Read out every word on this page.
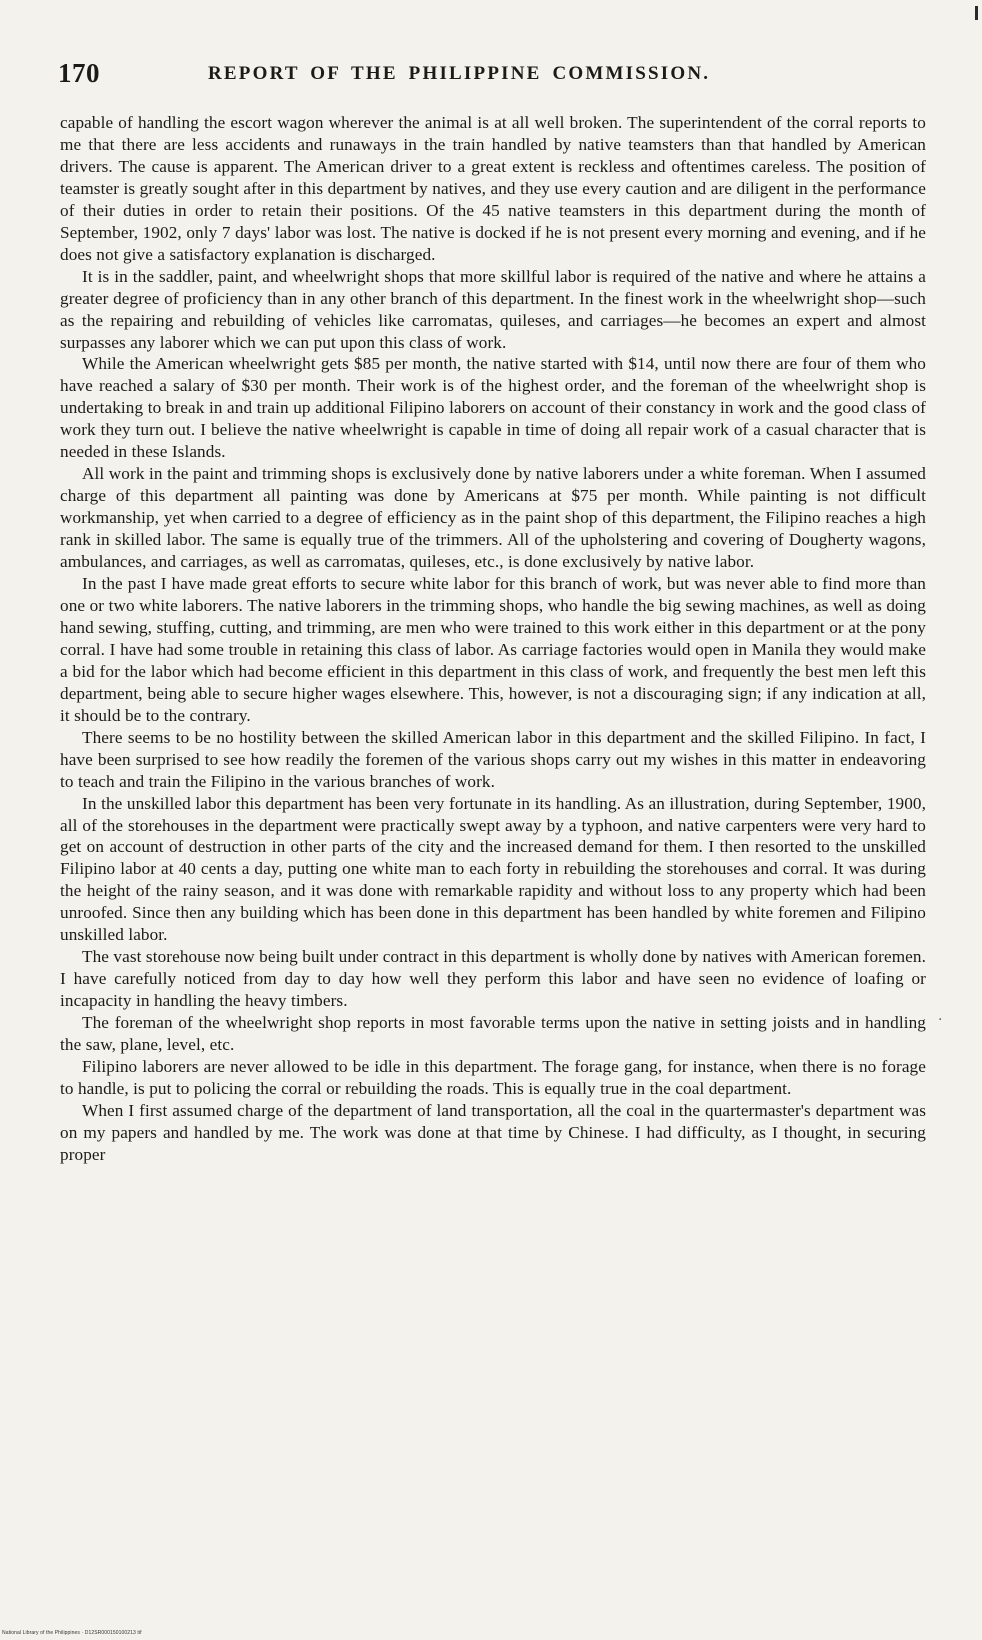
170	REPORT OF THE PHILIPPINE COMMISSION.

capable of handling the escort wagon wherever the animal is at all well broken. The superintendent of the corral reports to me that there are less accidents and runaways in the train handled by native teamsters than that handled by American drivers. The cause is apparent. The American driver to a great extent is reckless and oftentimes careless. The position of teamster is greatly sought after in this department by natives, and they use every caution and are diligent in the performance of their duties in order to retain their positions. Of the 45 native teamsters in this department during the month of September, 1902, only 7 days' labor was lost. The native is docked if he is not present every morning and evening, and if he does not give a satisfactory explanation is discharged.

It is in the saddler, paint, and wheelwright shops that more skillful labor is required of the native and where he attains a greater degree of proficiency than in any other branch of this department. In the finest work in the wheelwright shop—such as the repairing and rebuilding of vehicles like carromatas, quileses, and carriages—he becomes an expert and almost surpasses any laborer which we can put upon this class of work.

While the American wheelwright gets $85 per month, the native started with $14, until now there are four of them who have reached a salary of $30 per month. Their work is of the highest order, and the foreman of the wheelwright shop is undertaking to break in and train up additional Filipino laborers on account of their constancy in work and the good class of work they turn out. I believe the native wheelwright is capable in time of doing all repair work of a casual character that is needed in these Islands.

All work in the paint and trimming shops is exclusively done by native laborers under a white foreman. When I assumed charge of this department all painting was done by Americans at $75 per month. While painting is not difficult workmanship, yet when carried to a degree of efficiency as in the paint shop of this department, the Filipino reaches a high rank in skilled labor. The same is equally true of the trimmers. All of the upholstering and covering of Dougherty wagons, ambulances, and carriages, as well as carromatas, quileses, etc., is done exclusively by native labor.

In the past I have made great efforts to secure white labor for this branch of work, but was never able to find more than one or two white laborers. The native laborers in the trimming shops, who handle the big sewing machines, as well as doing hand sewing, stuffing, cutting, and trimming, are men who were trained to this work either in this department or at the pony corral. I have had some trouble in retaining this class of labor. As carriage factories would open in Manila they would make a bid for the labor which had become efficient in this department in this class of work, and frequently the best men left this department, being able to secure higher wages elsewhere. This, however, is not a discouraging sign; if any indication at all, it should be to the contrary.

There seems to be no hostility between the skilled American labor in this department and the skilled Filipino. In fact, I have been surprised to see how readily the foremen of the various shops carry out my wishes in this matter in endeavoring to teach and train the Filipino in the various branches of work.

In the unskilled labor this department has been very fortunate in its handling. As an illustration, during September, 1900, all of the storehouses in the department were practically swept away by a typhoon, and native carpenters were very hard to get on account of destruction in other parts of the city and the increased demand for them. I then resorted to the unskilled Filipino labor at 40 cents a day, putting one white man to each forty in rebuilding the storehouses and corral. It was during the height of the rainy season, and it was done with remarkable rapidity and without loss to any property which had been unroofed. Since then any building which has been done in this department has been handled by white foremen and Filipino unskilled labor.

The vast storehouse now being built under contract in this department is wholly done by natives with American foremen. I have carefully noticed from day to day how well they perform this labor and have seen no evidence of loafing or incapacity in handling the heavy timbers.

The foreman of the wheelwright shop reports in most favorable terms upon the native in setting joists and in handling the saw, plane, level, etc.

Filipino laborers are never allowed to be idle in this department. The forage gang, for instance, when there is no forage to handle, is put to policing the corral or rebuilding the roads. This is equally true in the coal department.

When I first assumed charge of the department of land transportation, all the coal in the quartermaster's department was on my papers and handled by me. The work was done at that time by Chinese. I had difficulty, as I thought, in securing proper

·
National Library of the Philippines · D12SR000150100213 tif
